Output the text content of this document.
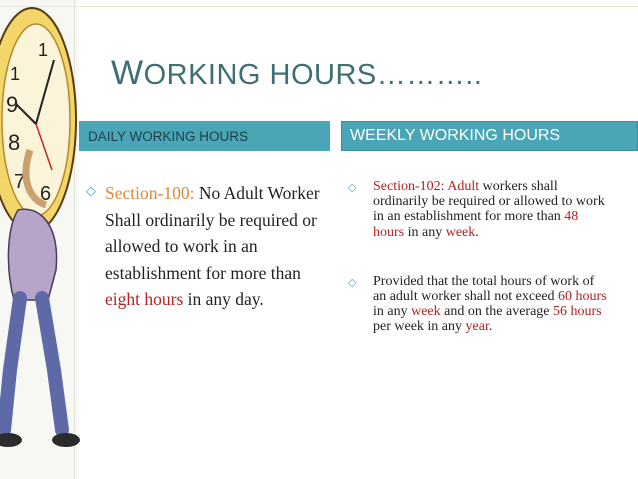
1
1
9
8
7
6
WORKING HOURS………..
DAILY WORKING HOURS	WEEKLY WORKING HOURS
◇ Section-100: No Adult Worker Shall ordinarily be required or allowed to work in an establishment for more than eight hours in any day.
◇ Section-102: Adult workers shall ordinarily be required or allowed to work in an establishment for more than 48 hours in any week.
◇ Provided that the total hours of work of an adult worker shall not exceed 60 hours in any week and on the average 56 hours per week in any year.
